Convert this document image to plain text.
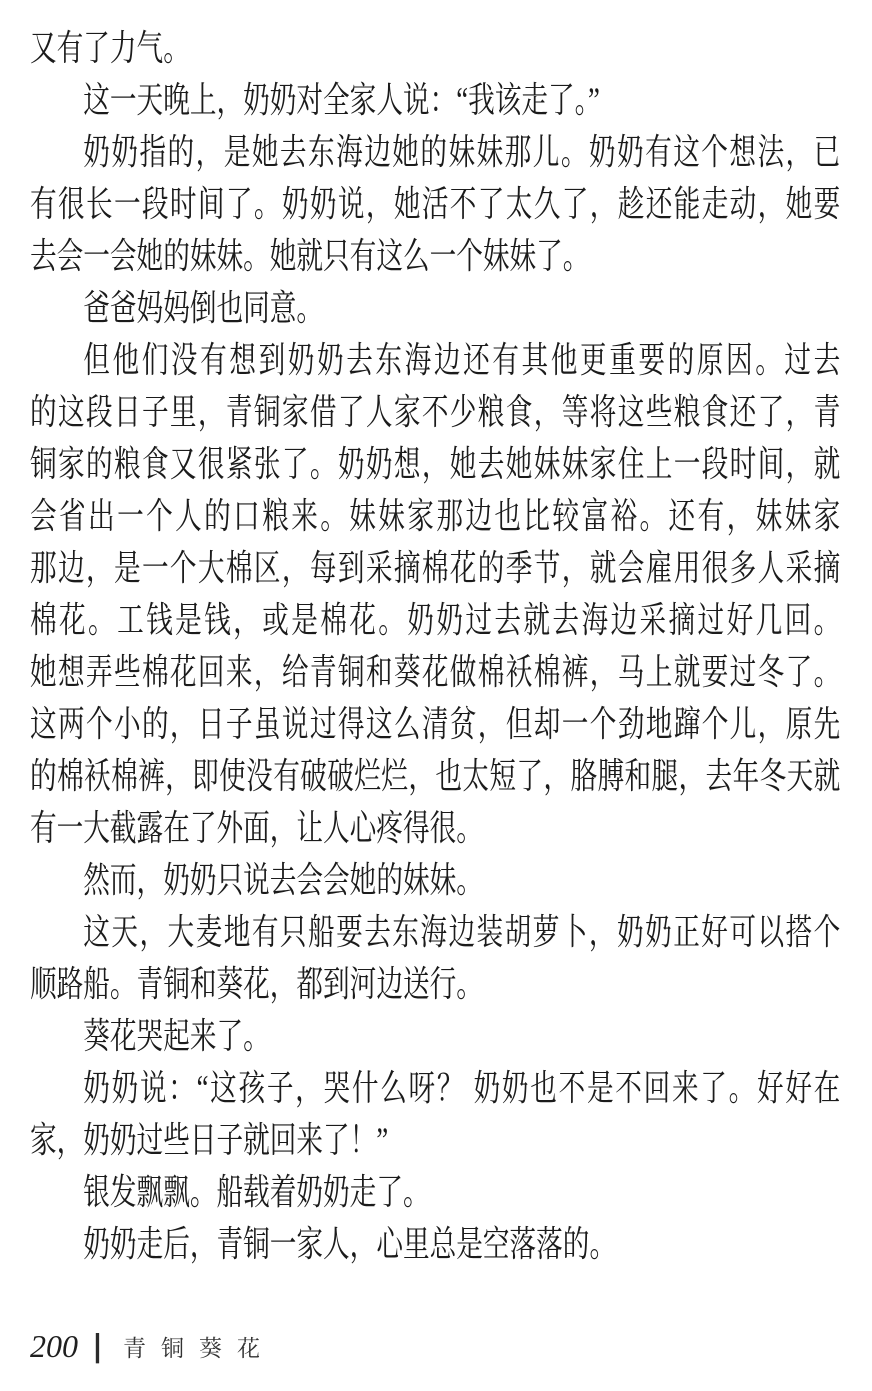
又有了力气。
这一天晚上，奶奶对全家人说：“我该走了。”
奶奶指的，是她去东海边她的妹妹那儿。奶奶有这个想法，已
有很长一段时间了。奶奶说，她活不了太久了，趁还能走动，她要
去会一会她的妹妹。她就只有这么一个妹妹了。
爸爸妈妈倒也同意。
但他们没有想到奶奶去东海边还有其他更重要的原因。过去
的这段日子里，青铜家借了人家不少粮食，等将这些粮食还了，青
铜家的粮食又很紧张了。奶奶想，她去她妹妹家住上一段时间，就
会省出一个人的口粮来。妹妹家那边也比较富裕。还有，妹妹家
那边，是一个大棉区，每到采摘棉花的季节，就会雇用很多人采摘
棉花。工钱是钱，或是棉花。奶奶过去就去海边采摘过好几回。
她想弄些棉花回来，给青铜和葵花做棉袄棉裤，马上就要过冬了。
这两个小的，日子虽说过得这么清贫，但却一个劲地蹿个儿，原先
的棉袄棉裤，即使没有破破烂烂，也太短了，胳膊和腿，去年冬天就
有一大截露在了外面，让人心疼得很。
然而，奶奶只说去会会她的妹妹。
这天，大麦地有只船要去东海边装胡萝卜，奶奶正好可以搭个
顺路船。青铜和葵花，都到河边送行。
葵花哭起来了。
奶奶说：“这孩子，哭什么呀？ 奶奶也不是不回来了。好好在
家，奶奶过些日子就回来了！”
银发飘飘。船载着奶奶走了。
奶奶走后，青铜一家人，心里总是空落落的。
200 | 青铜葵花
